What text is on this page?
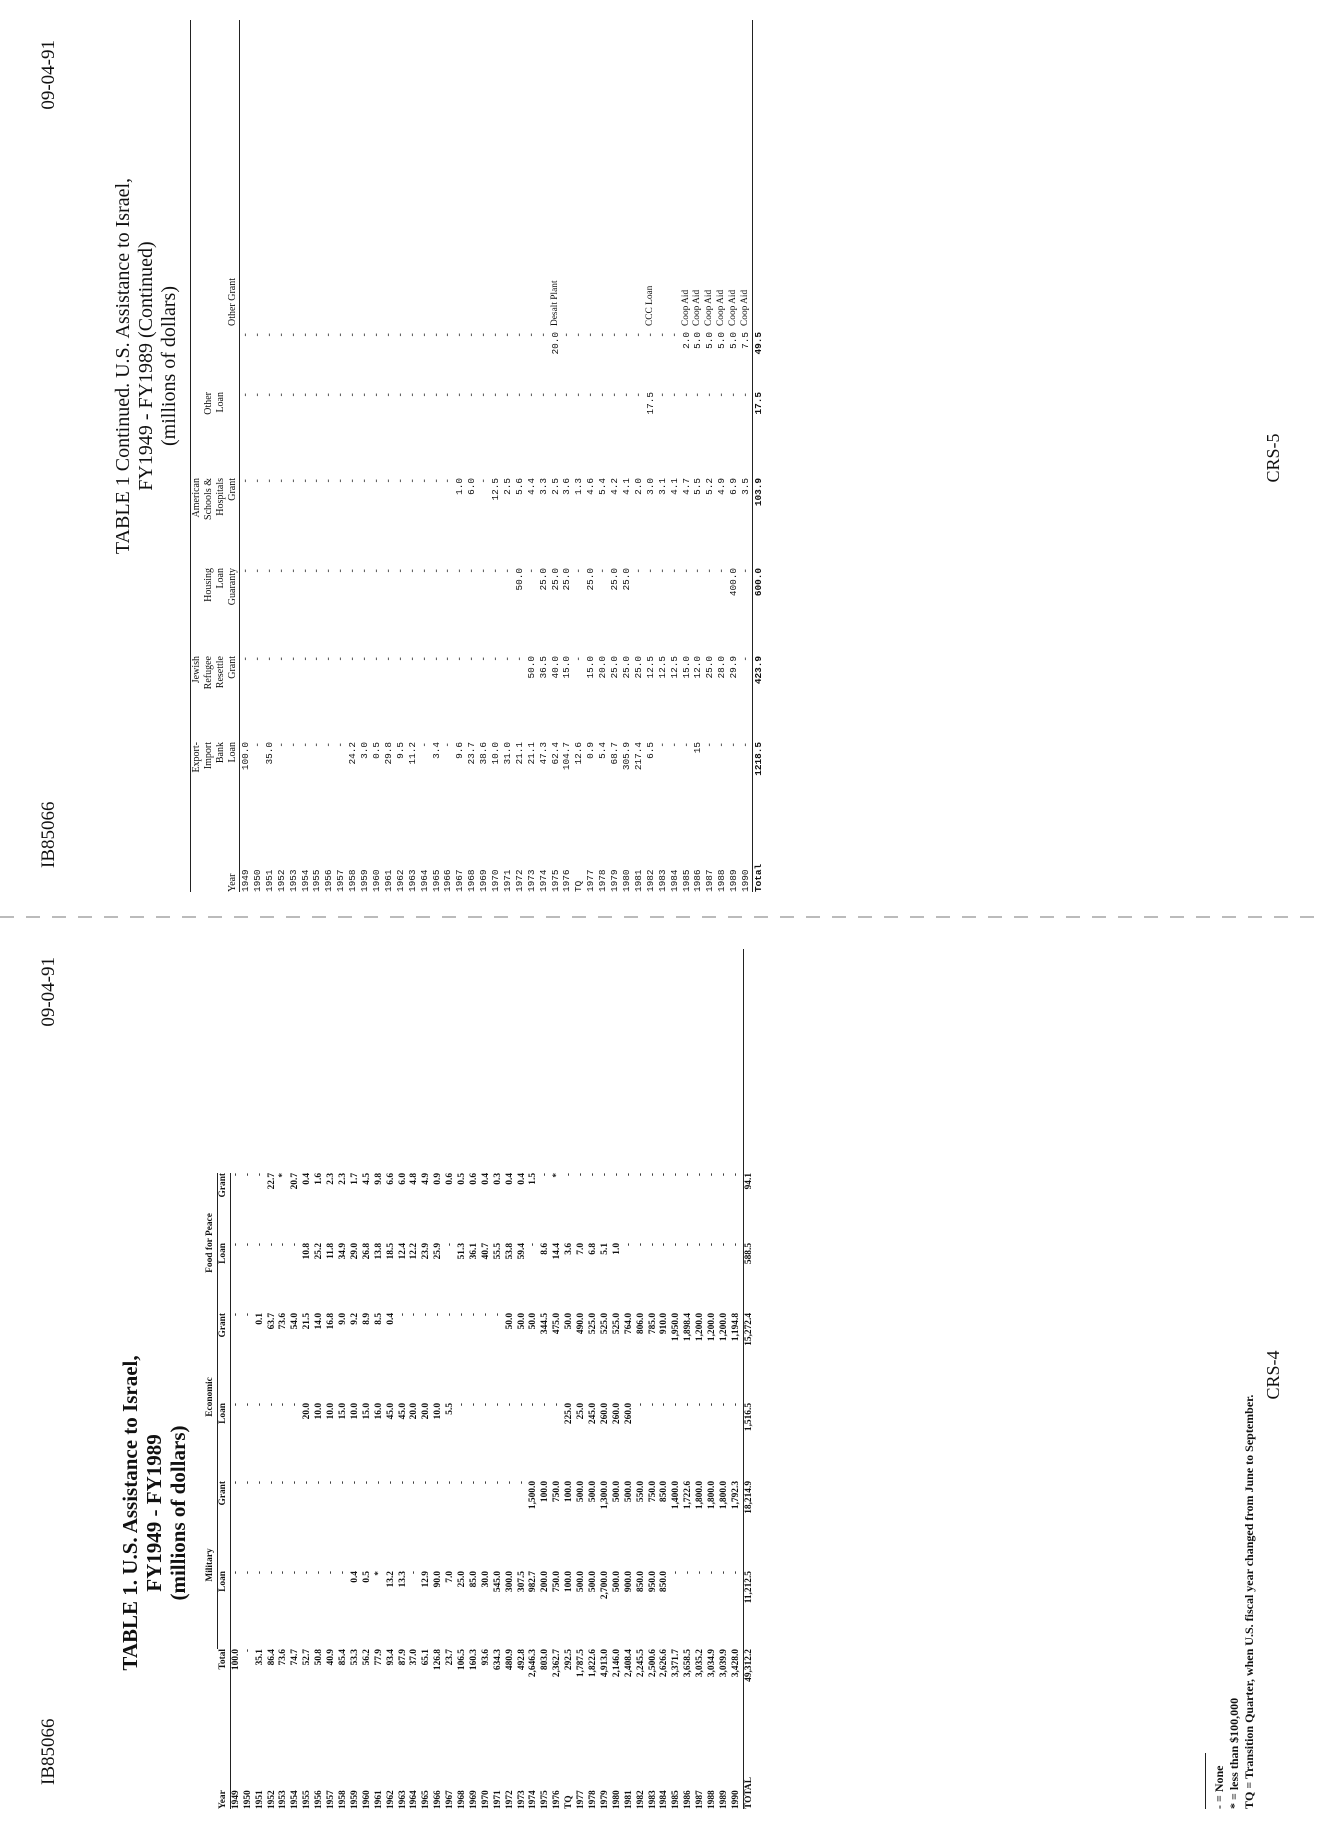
IB85066
09-04-91
TABLE 1. U.S. Assistance to Israel, FY1949 - FY1989 (millions of dollars)
		Military		Economic		Food for Peace		
Year	Total	Loan	Grant	Loan	Grant	Loan	Grant	
1949	100.0	-	-	-	-	-	-	
1950	-	-	-	-	-	-	-	
1951	35.1	-	-	-	0.1	-	-	
1952	86.4	-	-	-	63.7	-	22.7	
1953	73.6	-	-	-	73.6	-	*	
1954	74.7	-	-	-	54.0	-	20.7	
1955	52.7	-	-	20.0	21.5	10.8	0.4	
1956	50.8	-	-	10.0	14.0	25.2	1.6	
1957	40.9	-	-	10.0	16.8	11.8	2.3	
1958	85.4	-	-	15.0	9.0	34.9	2.3	
1959	53.3	0.4	-	10.0	9.2	29.0	1.7	
1960	56.2	0.5	-	15.0	8.9	26.8	4.5	
1961	77.9	*	-	16.0	8.5	13.8	9.8	
1962	93.4	13.2	-	45.0	0.4	18.5	6.6	
1963	87.9	13.3	-	45.0	-	12.4	6.0	
1964	37.0	-	-	20.0	-	12.2	4.8	
1965	65.1	12.9	-	20.0	-	23.9	4.9	
1966	126.8	90.0	-	10.0	-	25.9	0.9	
1967	23.7	7.0	-	5.5	-	-	0.6	
1968	106.5	25.0	-	-	-	51.3	0.5	
1969	160.3	85.0	-	-	-	36.1	0.6	
1970	93.6	30.0	-	-	-	40.7	0.4	
1971	634.3	545.0	-	-	-	55.5	0.3	
1972	480.9	300.0	-	-	50.0	53.8	0.4	
1973	492.8	307.5	-	-	50.0	59.4	0.4	
1974	2,646.3	982.7	1,500.0	-	50.0	-	1.5	
1975	803.0	200.0	100.0	-	344.5	8.6	-	
1976	2,362.7	750.0	750.0	-	475.0	14.4	*	
TQ	292.5	100.0	100.0	225.0	50.0	3.6	-	
1977	1,787.5	500.0	500.0	25.0	490.0	7.0	-	
1978	1,822.6	500.0	500.0	245.0	525.0	6.8	-	
1979	4,913.0	2,700.0	1,300.0	260.0	525.0	5.1	-	
1980	2,146.0	500.0	500.0	260.0	525.0	1.0	-	
1981	2,408.4	900.0	500.0	260.0	764.0	-	-	
1982	2,245.5	850.0	550.0	-	806.0	-	-	
1983	2,500.6	950.0	750.0	-	785.0	-	-	
1984	2,626.6	850.0	850.0	-	910.0	-	-	
1985	3,371.7	-	1,400.0	-	1,950.0	-	-	
1986	3,658.5	-	1,722.6	-	1,898.4	-	-	
1987	3,035.2	-	1,800.0	-	1,200.0	-	-	
1988	3,034.9	-	1,800.0	-	1,200.0	-	-	
1989	3,039.9	-	1,800.0	-	1,200.0	-	-	
1990	3,428.0	-	1,792.3	-	1,194.8	-	-	
TOTAL	49,312.2	11,212.5	18,214.9	1,516.5	15,272.4	588.5	94.1	
- = None * = less than $100,000 TQ = Transition Quarter, when U.S. fiscal year changed from June to September.
CRS-4
IB85066
09-04-91
TABLE 1 Continued. U.S. Assistance to Israel, FY1949 - FY1989 (Continued) (millions of dollars)
	Export-	Jewish		American				
	Import	Refugee	Housing	Schools &	Other			
	Bank	Resettle	Loan	Hospitals	Loan			
Year	Loan	Grant	Guaranty	Grant		Other Grant		
1949	100.0	-	-	-	-	-		
1950	-	-	-	-	-	-		
1951	35.0	-	-	-	-	-		
1952	-	-	-	-	-	-		
1953	-	-	-	-	-	-		
1954	-	-	-	-	-	-		
1955	-	-	-	-	-	-		
1956	-	-	-	-	-	-		
1957	-	-	-	-	-	-		
1958	24.2	-	-	-	-	-		
1959	3.0	-	-	-	-	-		
1960	0.5	-	-	-	-	-		
1961	29.8	-	-	-	-	-		
1962	9.5	-	-	-	-	-		
1963	11.2	-	-	-	-	-		
1964	-	-	-	-	-	-		
1965	3.4	-	-	-	-	-		
1966	-	-	-	-	-	-		
1967	9.6	-	-	1.0	-	-		
1968	23.7	-	-	6.0	-	-		
1969	38.6	-	-	-	-	-		
1970	10.0	-	-	12.5	-	-		
1971	31.0	-	-	2.5	-	-		
1972	21.1	-	50.0	5.6	-	-		
1973	21.1	50.0	-	4.4	-	-		
1974	47.3	36.5	25.0	3.3	-	-		
1975	62.4	40.0	25.0	2.5	-	20.0	Desalt Plant	
1976	104.7	15.0	25.0	3.6	-	-		
TQ	12.6	-	-	1.3	-	-		
1977	0.9	15.0	25.0	4.6	-	-		
1978	5.4	20.0	-	5.4	-	-		
1979	68.7	25.0	25.0	4.2	-	-		
1980	305.9	25.0	25.0	4.1	-	-		
1981	217.4	25.0	-	2.0	-	-		
1982	6.5	12.5	-	3.0	17.5	-	CCC Loan	
1983	-	12.5	-	3.1	-	-		
1984	-	12.5	-	4.1	-	-		
1985	-	15.0	-	4.7	-	2.0	Coop Aid	
1986	15	12.0	-	5.5	-	5.0	Coop Aid	
1987	-	25.0	-	5.2	-	5.0	Coop Aid	
1988	-	28.0	-	4.9	-	5.0	Coop Aid	
1989	-	29.9	400.0	6.9	-	5.0	Coop Aid	
1990	-	-	-	3.5	-	7.5	Coop Aid	
Total	1218.5	423.9	600.0	103.9	17.5	49.5		
CRS-5
